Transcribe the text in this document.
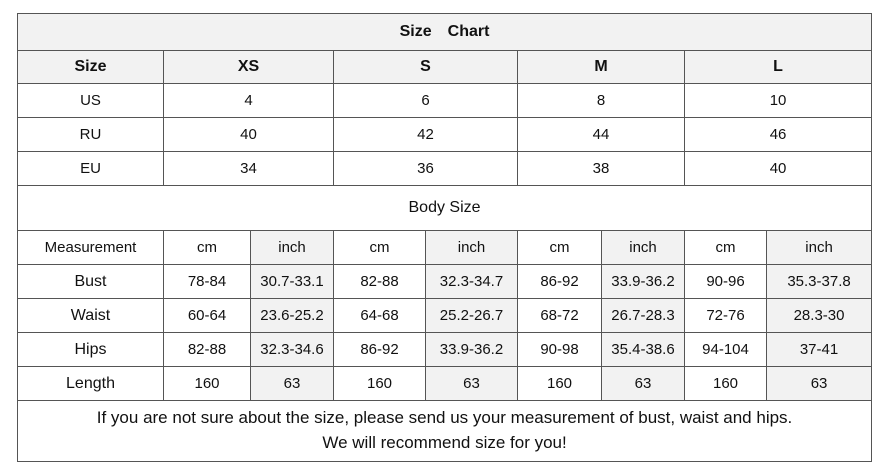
Size Chart								
Size	XS		S		M		L	
US	4		6		8		10	
RU	40		42		44		46	
EU	34		36		38		40	
Body Size								
Measurement	cm	inch	cm	inch	cm	inch	cm	inch
Bust	78-84	30.7-33.1	82-88	32.3-34.7	86-92	33.9-36.2	90-96	35.3-37.8
Waist	60-64	23.6-25.2	64-68	25.2-26.7	68-72	26.7-28.3	72-76	28.3-30
Hips	82-88	32.3-34.6	86-92	33.9-36.2	90-98	35.4-38.6	94-104	37-41
Length	160	63	160	63	160	63	160	63

If you are not sure about the size, please send us your measurement of bust, waist and hips.
We will recommend size for you!								
